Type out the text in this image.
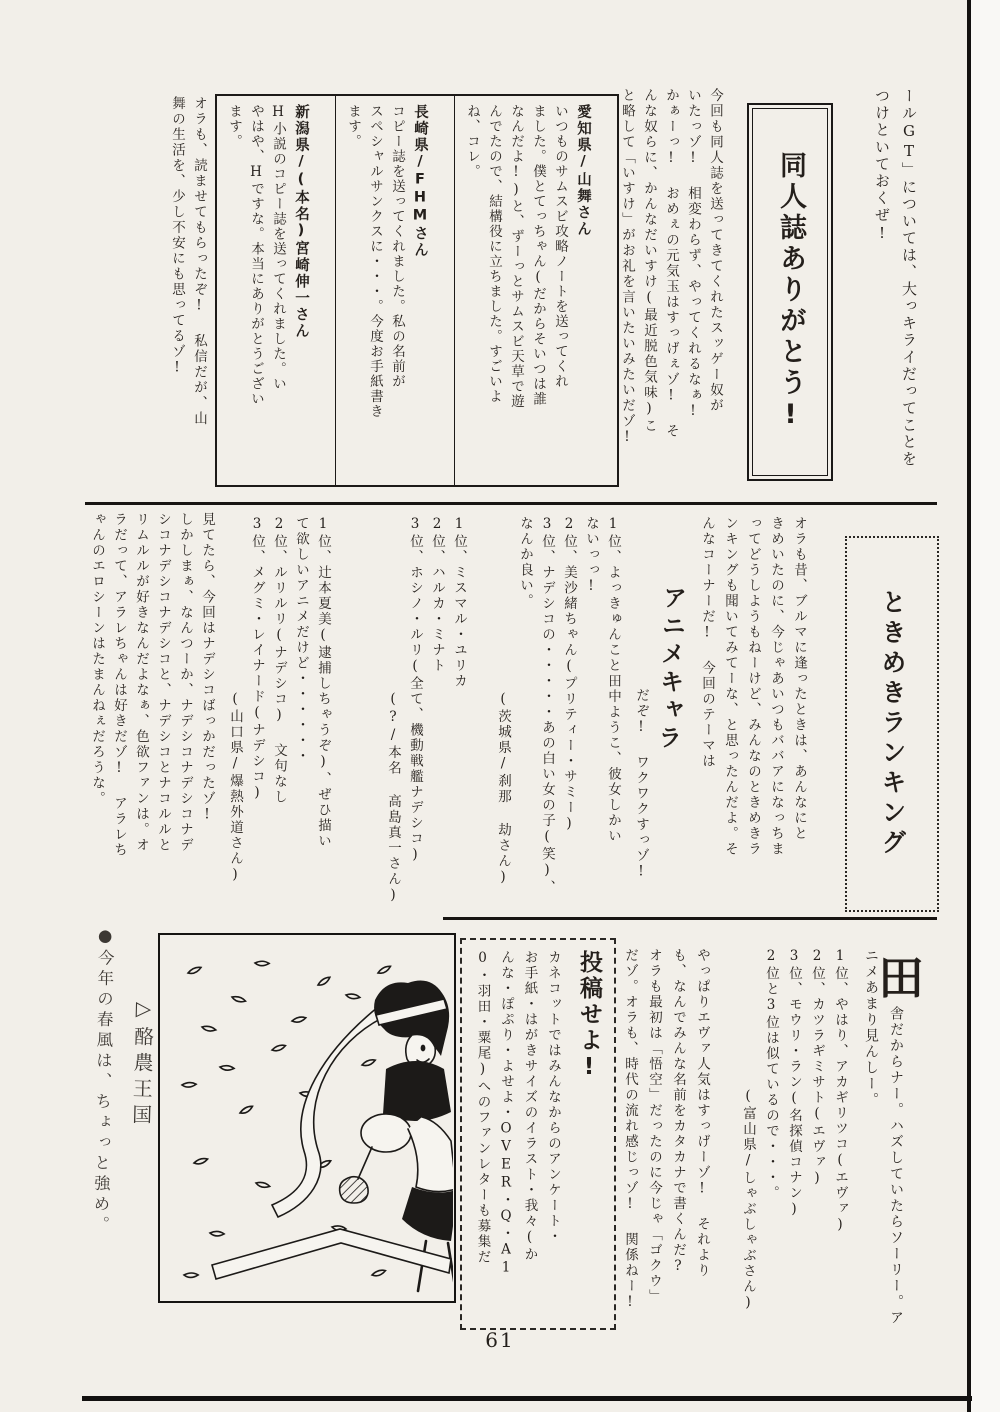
ールGT」については、大っキライだってことを
つけといておくぜ!
同人誌ありがとう!
今回も同人誌を送ってきてくれたスッゲー奴が
いたっゾ! 相変わらず、やってくれるなぁ!
かぁーっ! おめぇの元気玉はすっげぇゾ! そ
んな奴らに、かんなだいすけ(最近脱色気味)こ
と略して「いすけ」がお礼を言いたいみたいだゾ!
愛知県/山舞さん
いつものサムスビ攻略ノートを送ってくれ
ました。僕とてっちゃん(だからそいつは誰
なんだよ!)と、ずーっとサムスビ天草で遊
んでたので、結構役に立ちました。すごいよ
ね、コレ。
長崎県/FHMさん
コピー誌を送ってくれました。私の名前が
スペシャルサンクスに・・・。今度お手紙書き
ます。
新潟県/(本名)宮崎伸一さん
H小説のコピー誌を送ってくれました。い
やはや、Hですな。本当にありがとうござい
ます。
オラも、読ませてもらったぞ! 私信だが、山
舞の生活を、少し不安にも思ってるゾ!
ときめきランキング
オラも昔、ブルマに逢ったときは、あんなにと
きめいたのに、今じゃあいつもババアになっちま
ってどうしようもねーけど、みんなのときめきラ
ンキングも聞いてみてーな、と思ったんだよ。そ
んなコーナーだ! 今回のテーマは
アニメキャラ
だぞ! ワクワクすっゾ!
1位、よっきゅんこと田中ようこ、彼女しかい
ないっっ!
2位、美沙緒ちゃん(プリティー・サミー)
3位、ナデシコの・・・・・あの白い女の子(笑)、
なんか良い。
(茨城県/刹那 劫さん)
1位、ミスマル・ユリカ
2位、ハルカ・ミナト
3位、ホシノ・ルリ(全て、機動戦艦ナデシコ)
(?/本名 高島真一さん)
1位、辻本夏美(逮捕しちゃうぞ)、ぜひ描い
て欲しいアニメだけど・・・・・・
2位、ルリルリ(ナデシコ) 文句なし
3位、メグミ・レイナード(ナデシコ)
(山口県/爆熱外道さん)
見てたら、今回はナデシコばっかだったゾ!
しかしまぁ、なんつーか、ナデシコナデシコナデ
シコナデシコナデシコと、ナデシコとナコルルと
リムルルが好きなんだよなぁ、色欲ファンは。オ
ラだって、アラレちゃんは好きだゾ! アラレち
ゃんのエロシーンはたまんねぇだろうな。
田
舎だからナー。ハズしていたらソーリー。ア
ニメあまり見んしー。
1位、やはり、アカギリツコ(エヴァ)
2位、カツラギミサト(エヴァ)
3位、モウリ・ラン(名探偵コナン)
2位と3位は似ているので・・・。
(富山県/しゃぶしゃぶさん)
やっぱりエヴァ人気はすっげーゾ! それより
も、なんでみんな名前をカタカナで書くんだ?
オラも最初は「悟空」だったのに今じゃ「ゴクウ」
だゾ。オラも、時代の流れ感じっゾ! 関係ねー!
投稿せよ!
カネコットではみんなからのアンケート・
お手紙・はがきサイズのイラスト・我々(か
んな・ぽぷり・よせよ・OVER・Q・A1
0・羽田・粟尾)へのファンレターも募集だ
▷酪農王国
●今年の春風は、ちょっと強め。
61
